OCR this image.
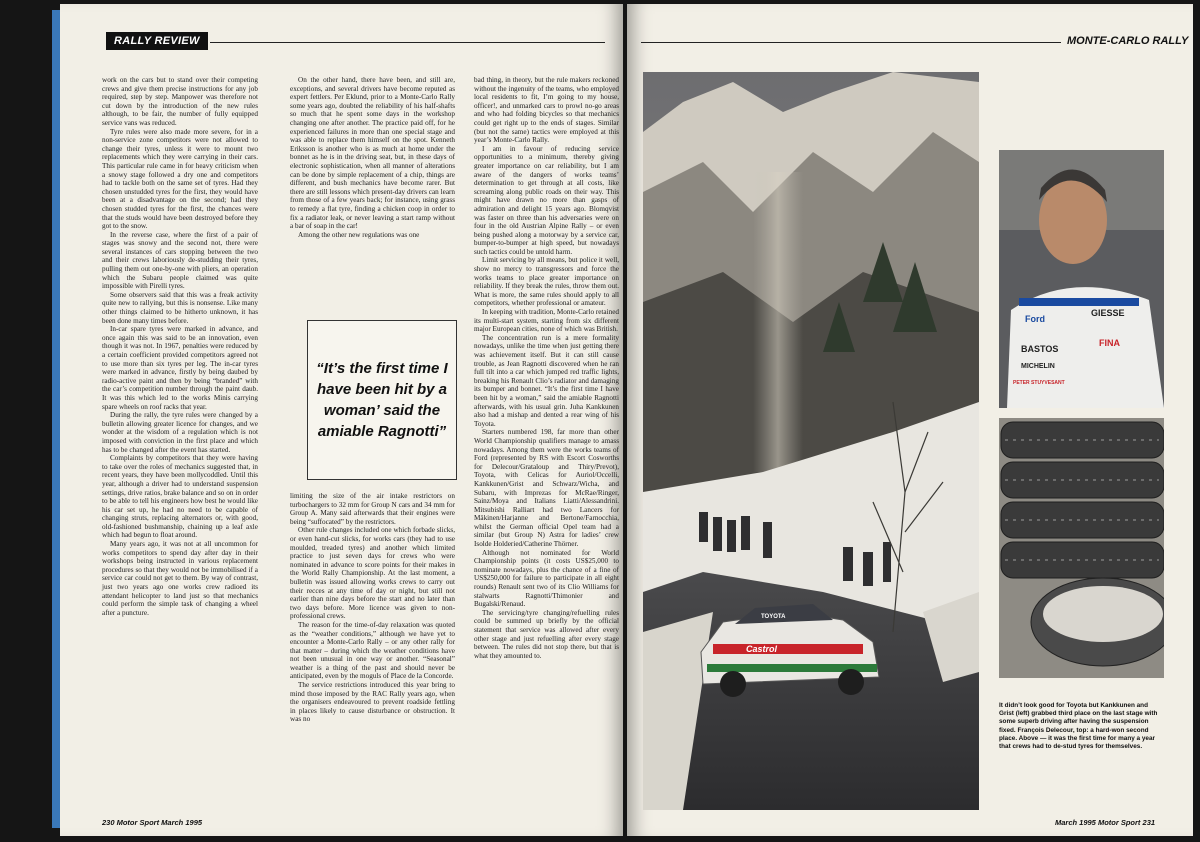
RALLY REVIEW

work on the cars but to stand over their competing crews and give them precise instructions for any job required, step by step. Manpower was therefore not cut down by the introduction of the new rules although, to be fair, the number of fully equipped service vans was reduced.

Tyre rules were also made more severe, for in a non-service zone competitors were not allowed to change their tyres, unless it were to mount two replacements which they were carrying in their cars. This particular rule came in for heavy criticism when a snowy stage followed a dry one and competitors had to tackle both on the same set of tyres. Had they chosen unstudded tyres for the first, they would have been at a disadvantage on the second; had they chosen studded tyres for the first, the chances were that the studs would have been destroyed before they got to the snow.

In the reverse case, where the first of a pair of stages was snowy and the second not, there were several instances of cars stopping between the two and their crews laboriously de-studding their tyres, pulling them out one-by-one with pliers, an operation which the Subaru people claimed was quite impossible with Pirelli tyres.

Some observers said that this was a freak activity quite new to rallying, but this is nonsense. Like many other things claimed to be hitherto unknown, it has been done many times before.

In-car spare tyres were marked in advance, and once again this was said to be an innovation, even though it was not. In 1967, penalties were reduced by a certain coefficient provided competitors agreed not to use more than six tyres per leg. The in-car tyres were marked in advance, firstly by being daubed by radio-active paint and then by being “branded” with the car’s competition number through the paint daub. It was this which led to the works Minis carrying spare wheels on roof racks that year.

During the rally, the tyre rules were changed by a bulletin allowing greater licence for changes, and we wonder at the wisdom of a regulation which is not imposed with conviction in the first place and which has to be changed after the event has started.

Complaints by competitors that they were having to take over the roles of mechanics suggested that, in recent years, they have been mollycoddled. Until this year, although a driver had to understand suspension settings, drive ratios, brake balance and so on in order to be able to tell his engineers how best he would like his car set up, he had no need to be capable of changing struts, replacing alternators or, with good, old-fashioned bushmanship, chaining up a leaf axle which had begun to float around.

Many years ago, it was not at all uncommon for works competitors to spend day after day in their workshops being instructed in various replacement procedures so that they would not be immobilised if a service car could not get to them. By way of contrast, just two years ago one works crew radioed its attendant helicopter to land just so that mechanics could perform the simple task of changing a wheel after a puncture.

On the other hand, there have been, and still are, exceptions, and several drivers have become reputed as expert fettlers. Per Eklund, prior to a Monte-Carlo Rally some years ago, doubted the reliability of his half-shafts so much that he spent some days in the workshop changing one after another. The practice paid off, for he experienced failures in more than one special stage and was able to replace them himself on the spot. Kenneth Eriksson is another who is as much at home under the bonnet as he is in the driving seat, but, in these days of electronic sophistication, when all manner of alterations can be done by simple replacement of a chip, things are different, and bush mechanics have become rarer. But there are still lessons which present-day drivers can learn from those of a few years back; for instance, using grass to remedy a flat tyre, finding a chicken coop in order to fix a radiator leak, or never leaving a start ramp without a bar of soap in the car!

Among the other new regulations was one

“It’s the first time I have been hit by a woman’ said the amiable Ragnotti”

limiting the size of the air intake restrictors on turbochargers to 32 mm for Group N cars and 34 mm for Group A. Many said afterwards that their engines were being “suffocated” by the restrictors.

Other rule changes included one which forbade slicks, or even hand-cut slicks, for works cars (they had to use moulded, treaded tyres) and another which limited practice to just seven days for crews who were nominated in advance to score points for their makes in the World Rally Championship. At the last moment, a bulletin was issued allowing works crews to carry out their recces at any time of day or night, but still not earlier than nine days before the start and no later than two days before. More licence was given to non-professional crews.

The reason for the time-of-day relaxation was quoted as the “weather conditions,” although we have yet to encounter a Monte-Carlo Rally – or any other rally for that matter – during which the weather conditions have not been unusual in one way or another. “Seasonal” weather is a thing of the past and should never be anticipated, even by the moguls of Place de la Concorde.

The service restrictions introduced this year bring to mind those imposed by the RAC Rally years ago, when the organisers endeavoured to prevent roadside fettling in places likely to cause disturbance or obstruction. It was no

bad thing, in theory, but the rule makers reckoned without the ingenuity of the teams, who employed local residents to fit, I’m going to my house, officer!, and unmarked cars to prowl no-go areas and who had folding bicycles so that mechanics could get right up to the ends of stages. Similar (but not the same) tactics were employed at this year’s Monte-Carlo Rally.

I am in favour of reducing service opportunities to a minimum, thereby giving greater importance on car reliability, but I am aware of the dangers of works teams’ determination to get through at all costs, like screaming along public roads on their way. This might have drawn no more than gasps of admiration and delight 15 years ago. Blomqvist was faster on three than his adversaries were on four in the old Austrian Alpine Rally – or even being pushed along a motorway by a service car, bumper-to-bumper at high speed, but nowadays such tactics could be untold harm.

Limit servicing by all means, but police it well, show no mercy to transgressors and force the works teams to place greater importance on reliability. If they break the rules, throw them out. What is more, the same rules should apply to all competitors, whether professional or amateur.

In keeping with tradition, Monte-Carlo retained its multi-start system, starting from six different major European cities, none of which was British.

The concentration run is a mere formality nowadays, unlike the time when just getting there was achievement itself. But it can still cause trouble, as Jean Ragnotti discovered when he ran full tilt into a car which jumped red traffic lights, breaking his Renault Clio’s radiator and damaging its bumper and bonnet. “It’s the first time I have been hit by a woman,” said the amiable Ragnotti afterwards, with his usual grin. Juha Kankkunen also had a mishap and dented a rear wing of his Toyota.

Starters numbered 198, far more than other World Championship qualifiers manage to amass nowadays. Among them were the works teams of Ford (represented by RS with Escort Cosworths for Delecour/Grataloup and Thiry/Prevot), Toyota, with Celicas for Auriol/Occelli, Kankkunen/Grist and Schwarz/Wicha, and Subaru, with Imprezas for McRae/Ringer, Sainz/Moya and Italians Liatti/Alessandrini. Mitsubishi Ralliart had two Lancers for Mäkinen/Harjanne and Bertone/Farnocchia, whilst the German official Opel team had a similar (but Group N) Astra for ladies’ crew Isolde Holderied/Catherine Thörner.

Although not nominated for World Championship points (it costs US$25,000 to nominate nowadays, plus the chance of a fine of US$250,000 for failure to participate in all eight rounds) Renault sent two of its Clio Williams for stalwarts Ragnotti/Thimonier and Bugalski/Renaud.

The servicing/tyre changing/refuelling rules could be summed up briefly by the official statement that service was allowed after every other stage and just refuelling after every stage between. The rules did not stop there, but that is what they amounted to.

230 Motor Sport March 1995
MONTE-CARLO RALLY
Castrol
TOYOTA
Ford
GIESSE
FINA
BASTOS
MICHELIN
PETER STUYVESANT
It didn’t look good for Toyota but Kankkunen and Grist (left) grabbed third place on the last stage with some superb driving after having the suspension fixed. François Delecour, top: a hard-won second place. Above — it was the first time for many a year that crews had to de-stud tyres for themselves.
March 1995 Motor Sport 231
